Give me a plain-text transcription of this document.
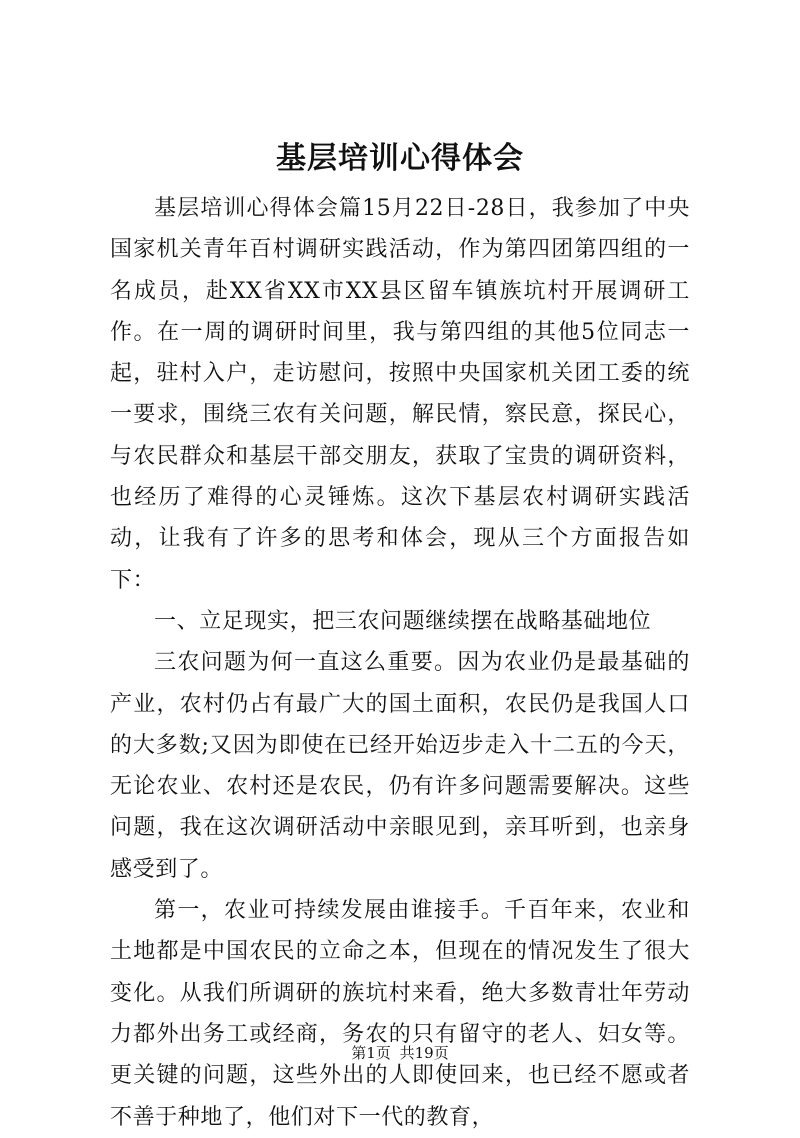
基层培训心得体会

基层培训心得体会篇15月22日-28日，我参加了中央国家机关青年百村调研实践活动，作为第四团第四组的一名成员，赴XX省XX市XX县区留车镇族坑村开展调研工作。在一周的调研时间里，我与第四组的其他5位同志一起，驻村入户，走访慰问，按照中央国家机关团工委的统一要求，围绕三农有关问题，解民情，察民意，探民心，与农民群众和基层干部交朋友，获取了宝贵的调研资料，也经历了难得的心灵锤炼。这次下基层农村调研实践活动，让我有了许多的思考和体会，现从三个方面报告如下：

一、立足现实，把三农问题继续摆在战略基础地位

三农问题为何一直这么重要。因为农业仍是最基础的产业，农村仍占有最广大的国土面积，农民仍是我国人口的大多数;又因为即使在已经开始迈步走入十二五的今天，无论农业、农村还是农民，仍有许多问题需要解决。这些问题，我在这次调研活动中亲眼见到，亲耳听到，也亲身感受到了。

第一，农业可持续发展由谁接手。千百年来，农业和土地都是中国农民的立命之本，但现在的情况发生了很大变化。从我们所调研的族坑村来看，绝大多数青壮年劳动力都外出务工或经商，务农的只有留守的老人、妇女等。更关键的问题，这些外出的人即使回来，也已经不愿或者不善于种地了，他们对下一代的教育，

第1页 共19页
